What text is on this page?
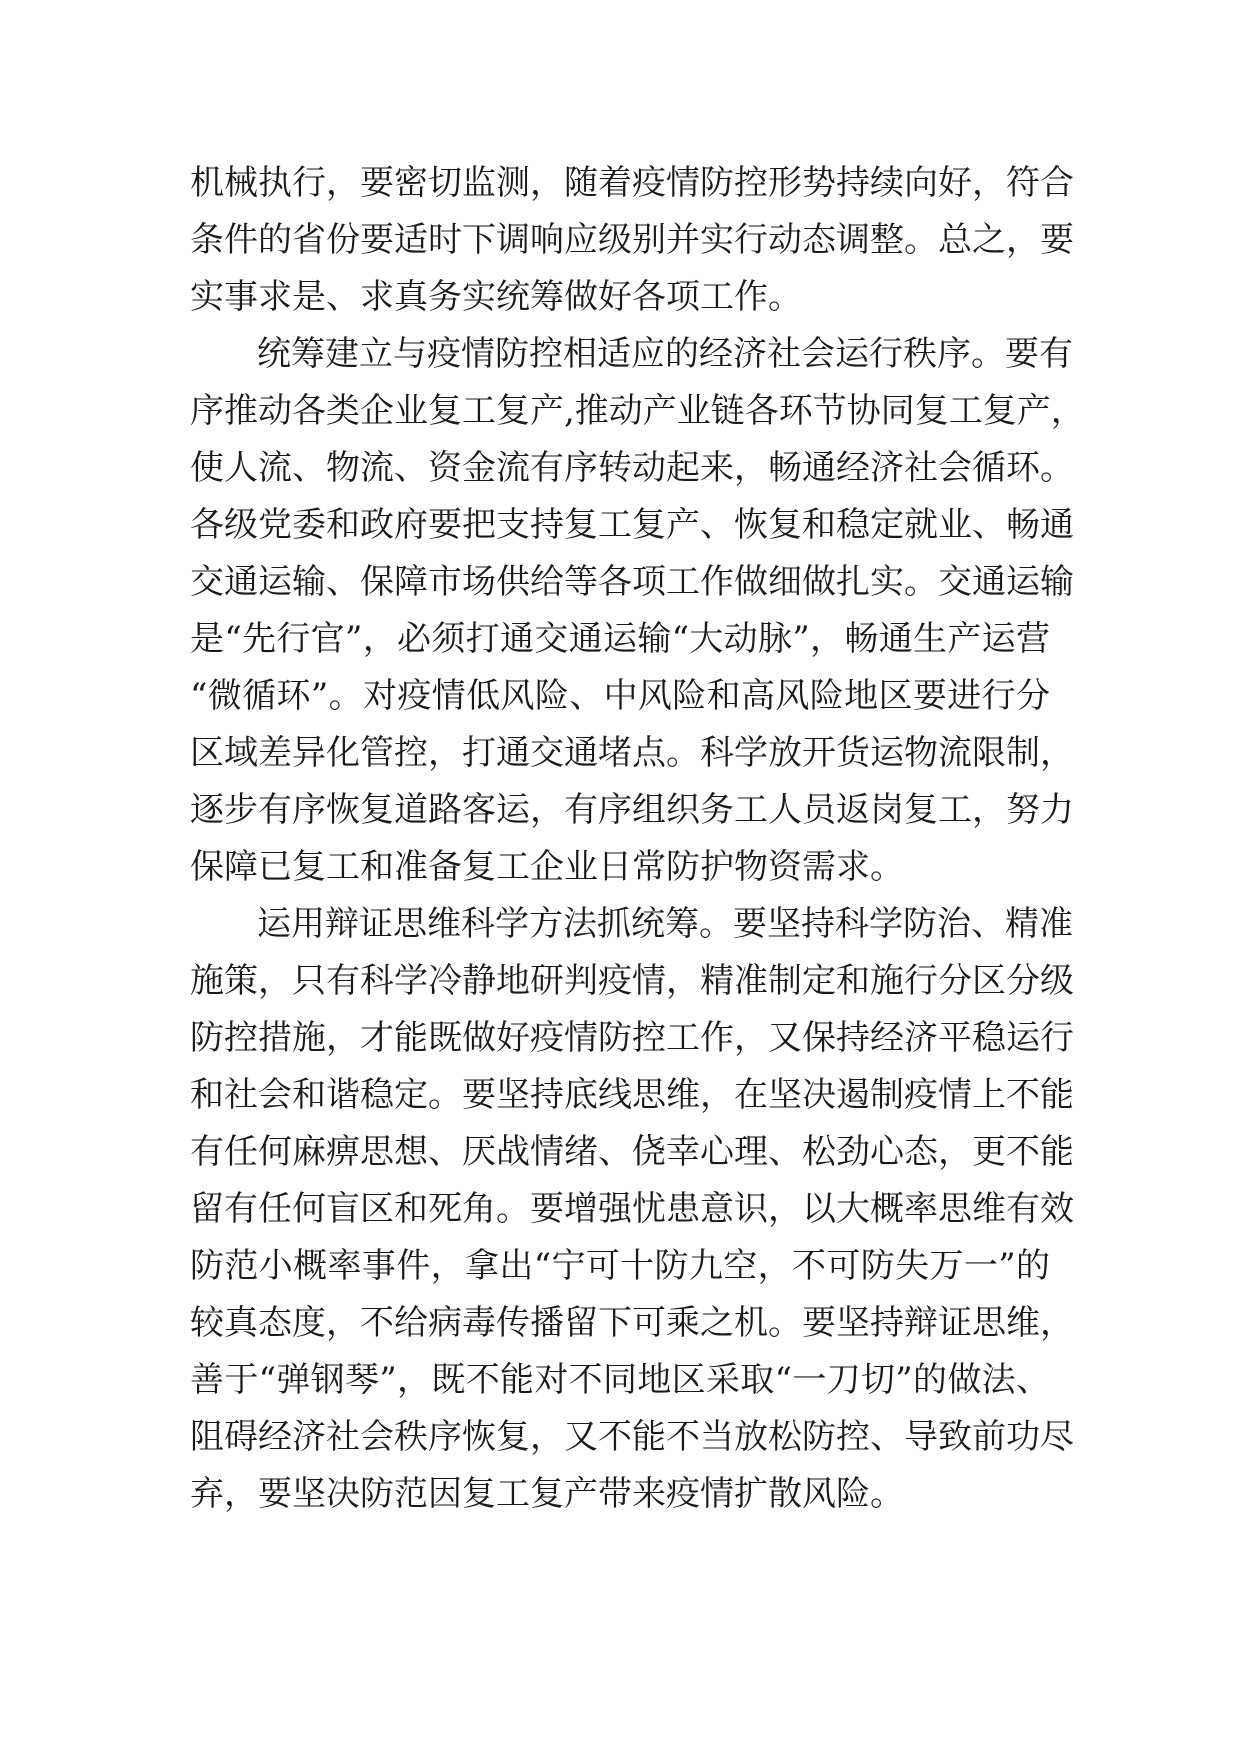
机械执行，要密切监测，随着疫情防控形势持续向好，符合
条件的省份要适时下调响应级别并实行动态调整。总之，要
实事求是、求真务实统筹做好各项工作。
统筹建立与疫情防控相适应的经济社会运行秩序。要有
序推动各类企业复工复产,推动产业链各环节协同复工复产，
使人流、物流、资金流有序转动起来，畅通经济社会循环。
各级党委和政府要把支持复工复产、恢复和稳定就业、畅通
交通运输、保障市场供给等各项工作做细做扎实。交通运输
是“先行官”，必须打通交通运输“大动脉”，畅通生产运营
“微循环”。对疫情低风险、中风险和高风险地区要进行分
区域差异化管控，打通交通堵点。科学放开货运物流限制，
逐步有序恢复道路客运，有序组织务工人员返岗复工，努力
保障已复工和准备复工企业日常防护物资需求。
运用辩证思维科学方法抓统筹。要坚持科学防治、精准
施策，只有科学冷静地研判疫情，精准制定和施行分区分级
防控措施，才能既做好疫情防控工作，又保持经济平稳运行
和社会和谐稳定。要坚持底线思维，在坚决遏制疫情上不能
有任何麻痹思想、厌战情绪、侥幸心理、松劲心态，更不能
留有任何盲区和死角。要增强忧患意识，以大概率思维有效
防范小概率事件，拿出“宁可十防九空，不可防失万一”的
较真态度，不给病毒传播留下可乘之机。要坚持辩证思维，
善于“弹钢琴”，既不能对不同地区采取“一刀切”的做法、
阻碍经济社会秩序恢复，又不能不当放松防控、导致前功尽
弃，要坚决防范因复工复产带来疫情扩散风险。
